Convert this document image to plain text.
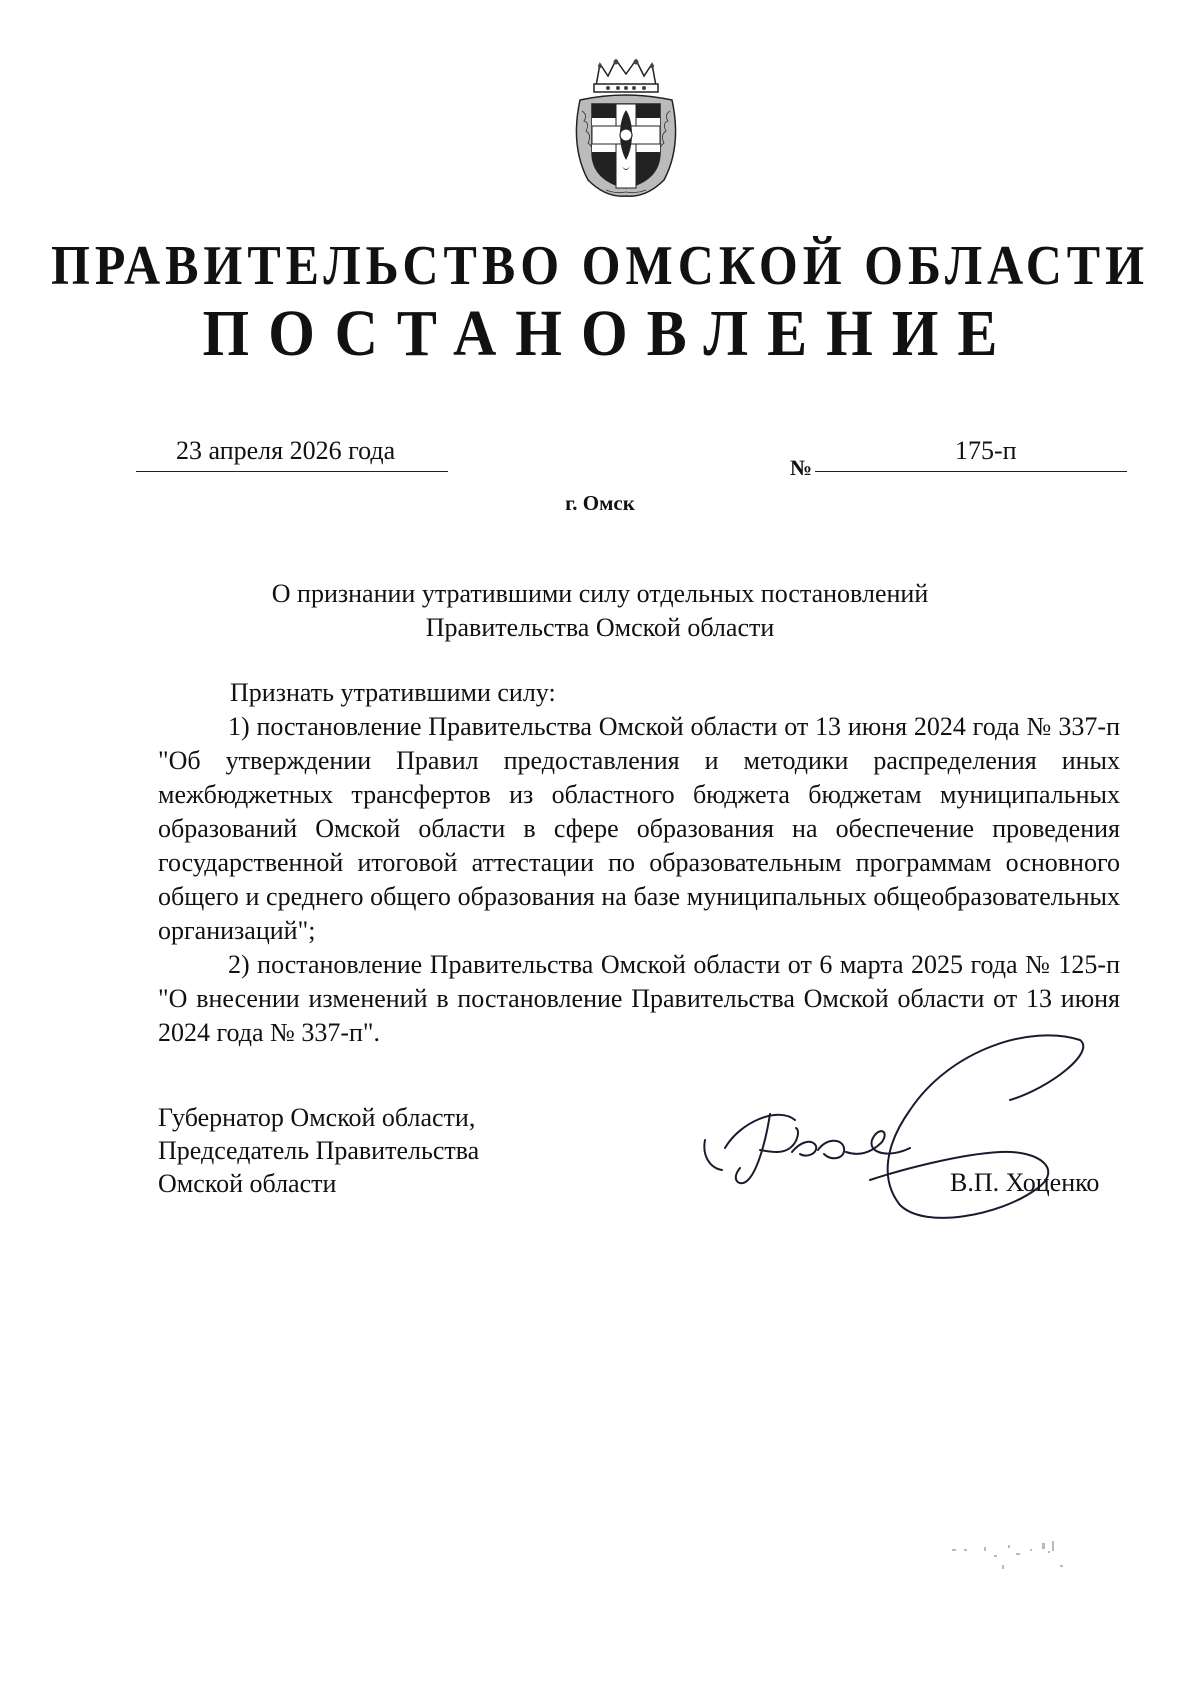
ПРАВИТЕЛЬСТВО ОМСКОЙ ОБЛАСТИ
ПОСТАНОВЛЕНИЕ
23 апреля 2026 года
№
175-п
г. Омск
О признании утратившими силу отдельных постановлений
Правительства Омской области

Признать утратившими силу:

1) постановление Правительства Омской области от 13 июня 2024 года № 337-п "Об утверждении Правил предоставления и методики распределения иных межбюджетных трансфертов из областного бюджета бюджетам муниципальных образований Омской области в сфере образования на обеспечение проведения государственной итоговой аттестации по образовательным программам основного общего и среднего общего образования на базе муниципальных общеобразовательных организаций";

2) постановление Правительства Омской области от 6 марта 2025 года № 125-п "О внесении изменений в постановление Правительства Омской области от 13 июня 2024 года № 337-п".

Губернатор Омской области,
Председатель Правительства
Омской области	В.П. Хоценко
